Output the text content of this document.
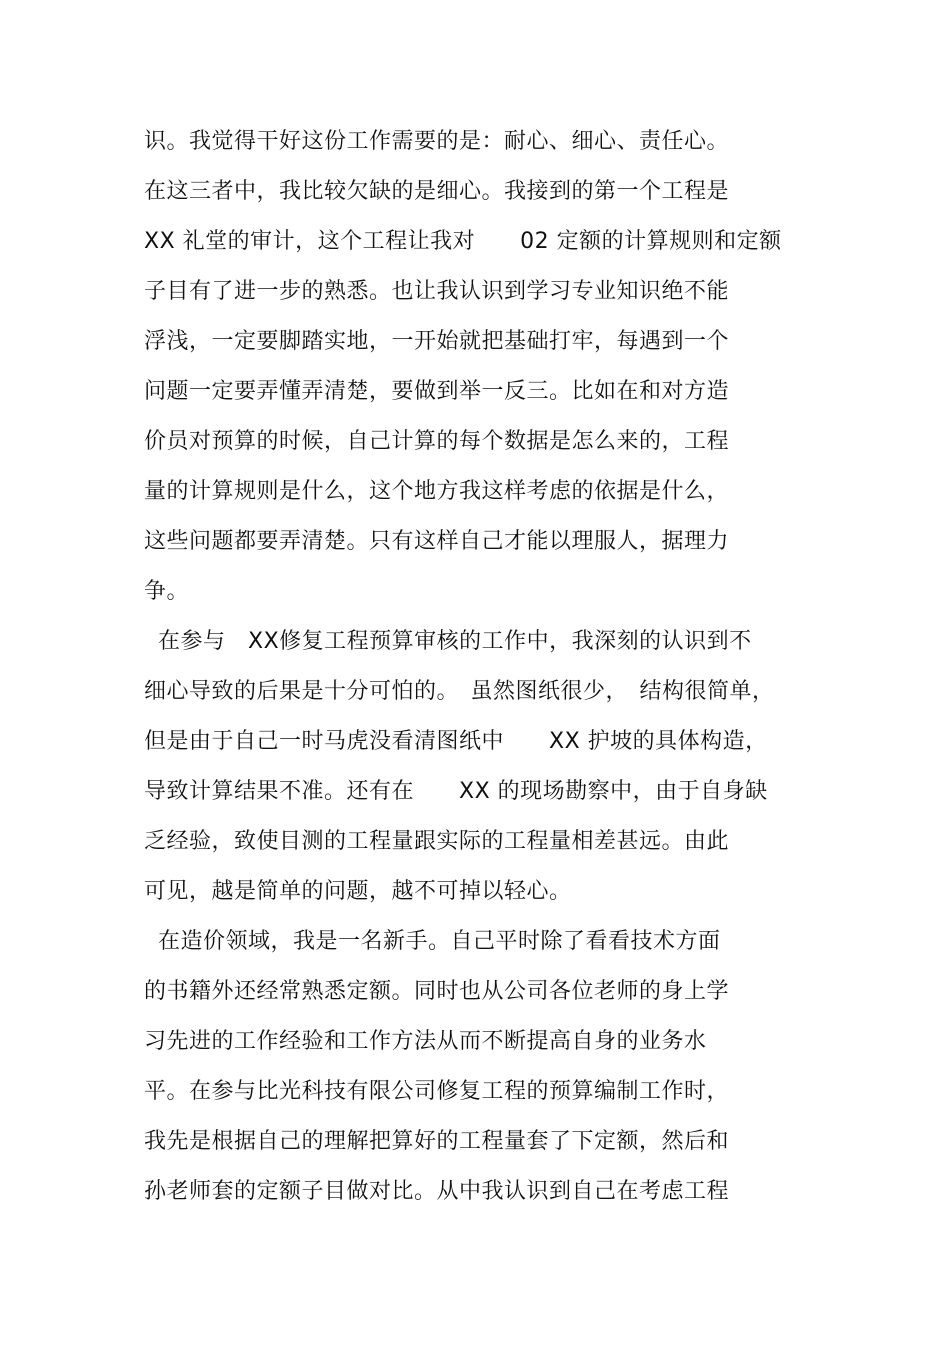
识。我觉得干好这份工作需要的是：耐心、细心、责任心。
在这三者中，我比较欠缺的是细心。我接到的第一个工程是
XX 礼堂的审计，这个工程让我对　　02 定额的计算规则和定额
子目有了进一步的熟悉。也让我认识到学习专业知识绝不能
浮浅，一定要脚踏实地，一开始就把基础打牢，每遇到一个
问题一定要弄懂弄清楚，要做到举一反三。比如在和对方造
价员对预算的时候，自己计算的每个数据是怎么来的，工程
量的计算规则是什么，这个地方我这样考虑的依据是什么，
这些问题都要弄清楚。只有这样自己才能以理服人，据理力
争。
在参与　XX修复工程预算审核的工作中，我深刻的认识到不
细心导致的后果是十分可怕的。　虽然图纸很少，　结构很简单，
但是由于自己一时马虎没看清图纸中　　XX 护坡的具体构造，
导致计算结果不准。还有在　　XX 的现场勘察中，由于自身缺
乏经验，致使目测的工程量跟实际的工程量相差甚远。由此
可见，越是简单的问题，越不可掉以轻心。
在造价领域，我是一名新手。自己平时除了看看技术方面
的书籍外还经常熟悉定额。同时也从公司各位老师的身上学
习先进的工作经验和工作方法从而不断提高自身的业务水
平。在参与比光科技有限公司修复工程的预算编制工作时，
我先是根据自己的理解把算好的工程量套了下定额，然后和
孙老师套的定额子目做对比。从中我认识到自己在考虑工程
